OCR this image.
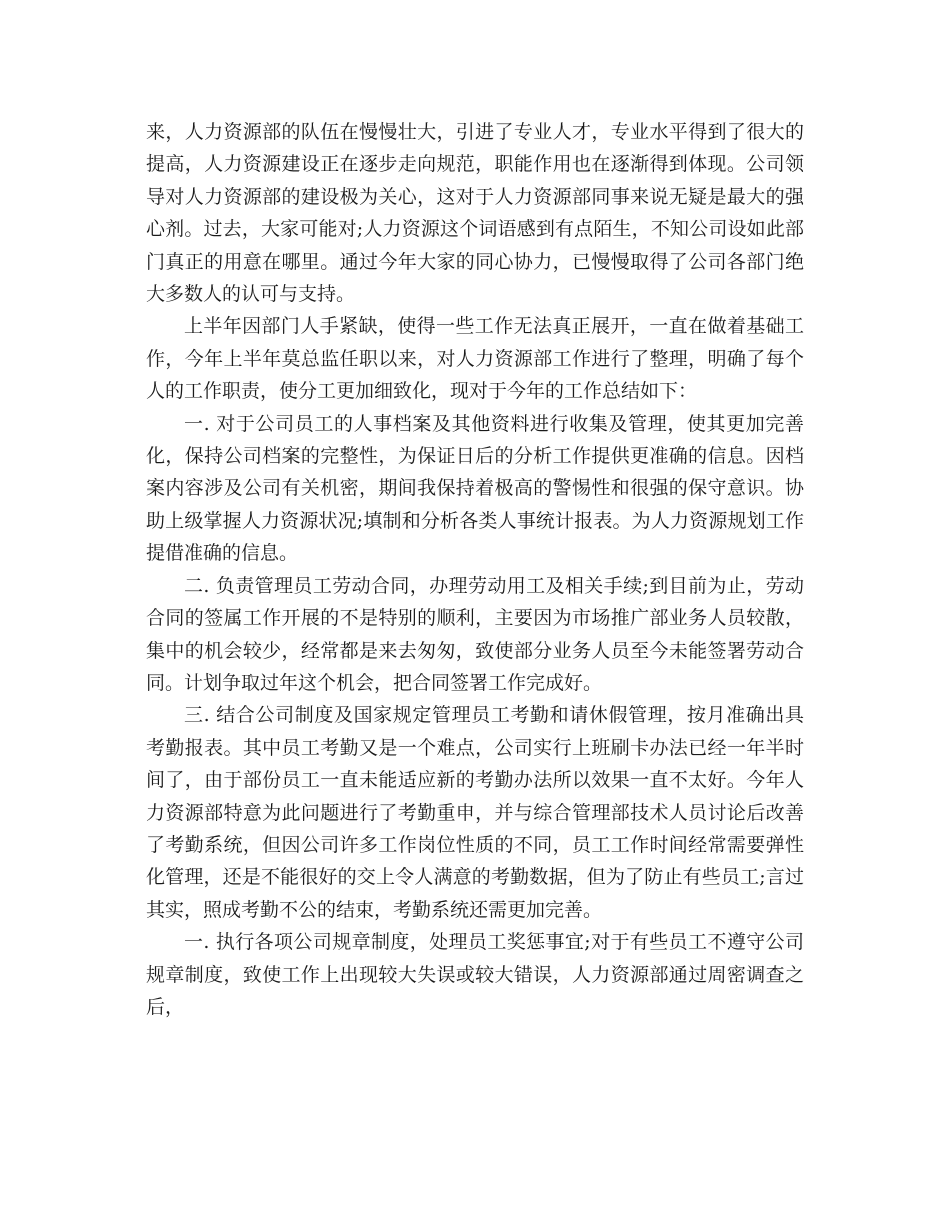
来，人力资源部的队伍在慢慢壮大，引进了专业人才，专业水平得到了很大的提高，人力资源建设正在逐步走向规范，职能作用也在逐渐得到体现。公司领导对人力资源部的建设极为关心，这对于人力资源部同事来说无疑是最大的强心剂。过去，大家可能对;人力资源这个词语感到有点陌生，不知公司设如此部门真正的用意在哪里。通过今年大家的同心协力，已慢慢取得了公司各部门绝大多数人的认可与支持。

上半年因部门人手紧缺，使得一些工作无法真正展开，一直在做着基础工作，今年上半年莫总监任职以来，对人力资源部工作进行了整理，明确了每个人的工作职责，使分工更加细致化，现对于今年的工作总结如下：

一. 对于公司员工的人事档案及其他资料进行收集及管理，使其更加完善化，保持公司档案的完整性，为保证日后的分析工作提供更准确的信息。因档案内容涉及公司有关机密，期间我保持着极高的警惕性和很强的保守意识。协助上级掌握人力资源状况;填制和分析各类人事统计报表。为人力资源规划工作提借准确的信息。

二. 负责管理员工劳动合同，办理劳动用工及相关手续;到目前为止，劳动合同的签属工作开展的不是特别的顺利，主要因为市场推广部业务人员较散，集中的机会较少，经常都是来去匆匆，致使部分业务人员至今未能签署劳动合同。计划争取过年这个机会，把合同签署工作完成好。

三. 结合公司制度及国家规定管理员工考勤和请休假管理，按月准确出具考勤报表。其中员工考勤又是一个难点，公司实行上班刷卡办法已经一年半时间了，由于部份员工一直未能适应新的考勤办法所以效果一直不太好。今年人力资源部特意为此问题进行了考勤重申，并与综合管理部技术人员讨论后改善了考勤系统，但因公司许多工作岗位性质的不同，员工工作时间经常需要弹性化管理，还是不能很好的交上令人满意的考勤数据，但为了防止有些员工;言过其实，照成考勤不公的结束，考勤系统还需更加完善。

一. 执行各项公司规章制度，处理员工奖惩事宜;对于有些员工不遵守公司规章制度，致使工作上出现较大失误或较大错误，人力资源部通过周密调查之后，
